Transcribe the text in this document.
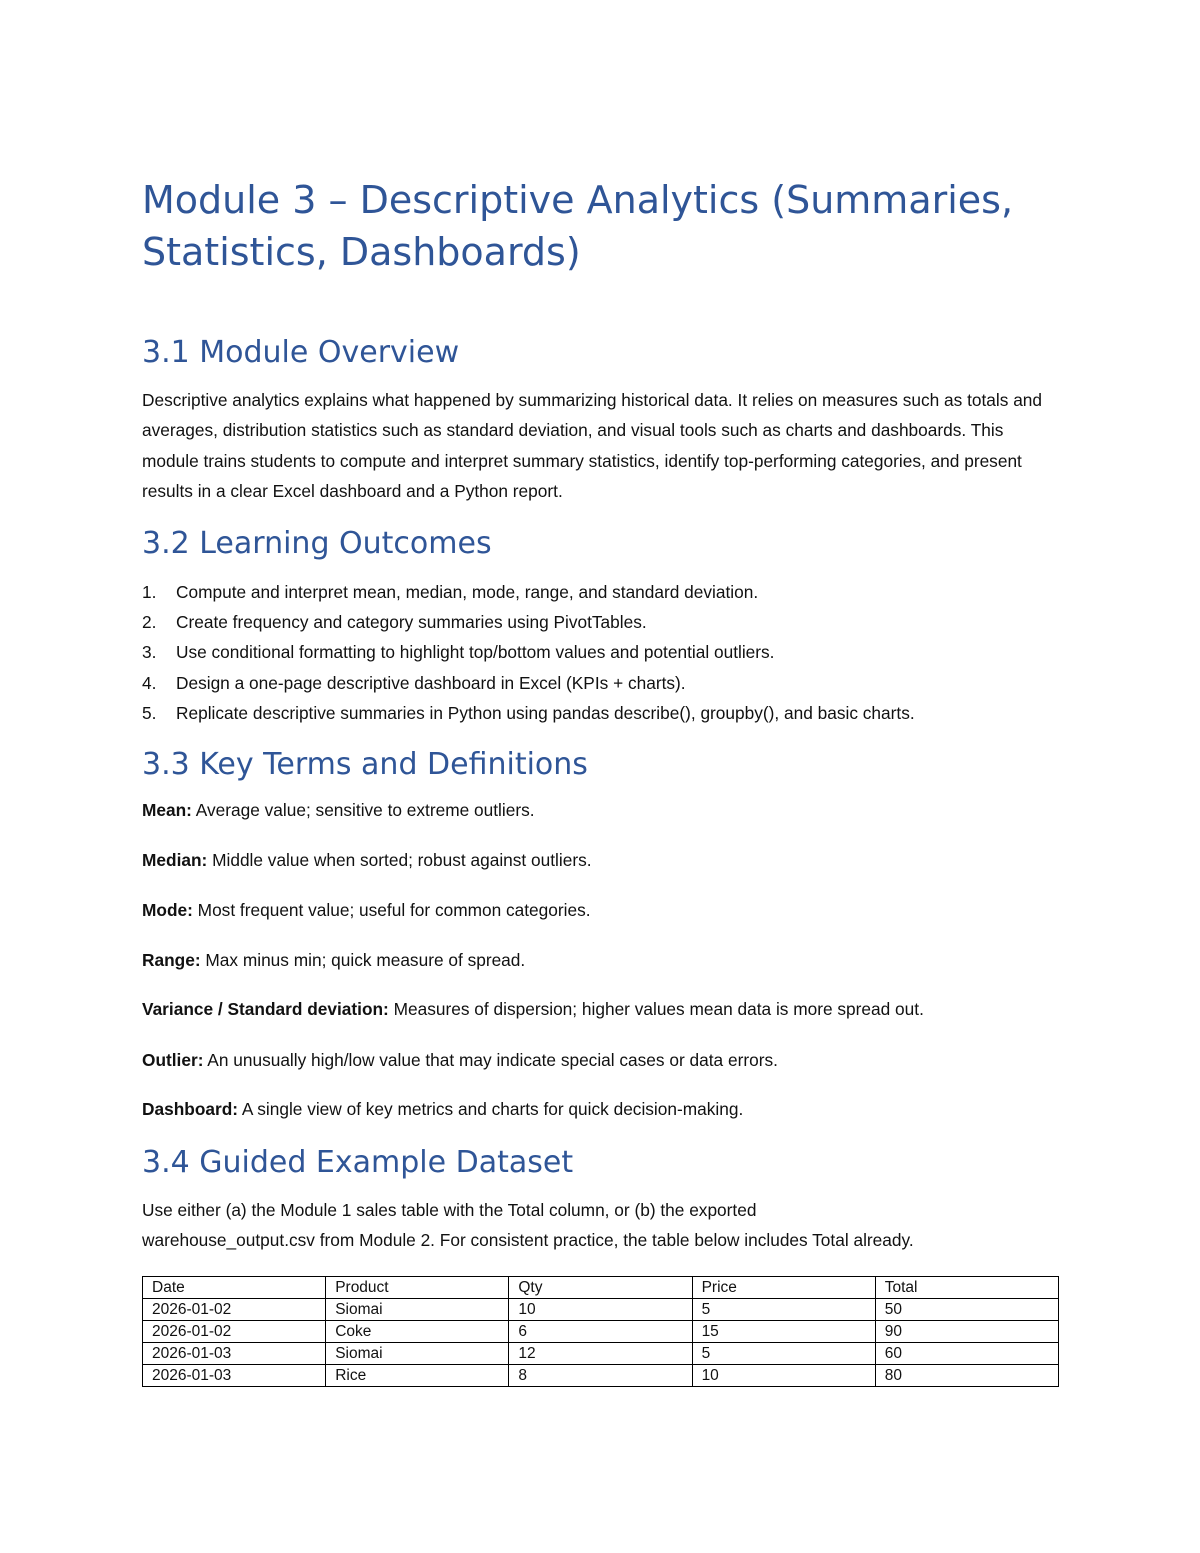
Module 3 – Descriptive Analytics (Summaries, Statistics, Dashboards)
3.1 Module Overview

Descriptive analytics explains what happened by summarizing historical data. It relies on measures such as totals and averages, distribution statistics such as standard deviation, and visual tools such as charts and dashboards. This module trains students to compute and interpret summary statistics, identify top-performing categories, and present results in a clear Excel dashboard and a Python report.

3.2 Learning Outcomes
1. Compute and interpret mean, median, mode, range, and standard deviation.
2. Create frequency and category summaries using PivotTables.
3. Use conditional formatting to highlight top/bottom values and potential outliers.
4. Design a one-page descriptive dashboard in Excel (KPIs + charts).
5. Replicate descriptive summaries in Python using pandas describe(), groupby(), and basic charts.
3.3 Key Terms and Definitions

Mean: Average value; sensitive to extreme outliers.

Median: Middle value when sorted; robust against outliers.

Mode: Most frequent value; useful for common categories.

Range: Max minus min; quick measure of spread.

Variance / Standard deviation: Measures of dispersion; higher values mean data is more spread out.

Outlier: An unusually high/low value that may indicate special cases or data errors.

Dashboard: A single view of key metrics and charts for quick decision-making.

3.4 Guided Example Dataset

Use either (a) the Module 1 sales table with the Total column, or (b) the exported

warehouse_output.csv from Module 2. For consistent practice, the table below includes Total already.

Date	Product	Qty	Price	Total
2026-01-02	Siomai	10	5	50
2026-01-02	Coke	6	15	90
2026-01-03	Siomai	12	5	60
2026-01-03	Rice	8	10	80
